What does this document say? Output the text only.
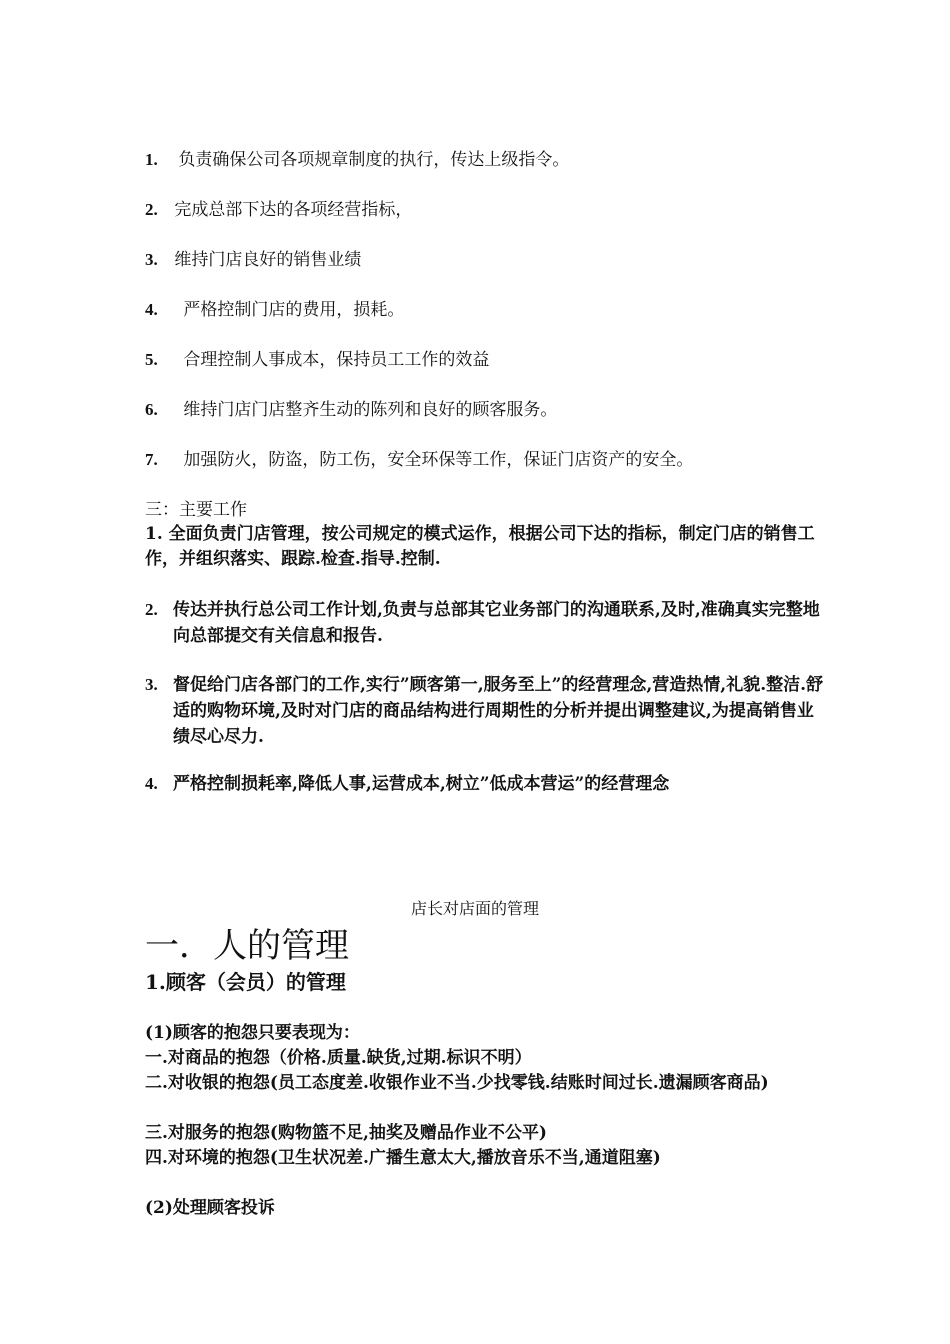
1. 负责确保公司各项规章制度的执行，传达上级指令。
2. 完成总部下达的各项经营指标，
3. 维持门店良好的销售业绩
4. 严格控制门店的费用，损耗。
5. 合理控制人事成本，保持员工工作的效益
6. 维持门店门店整齐生动的陈列和良好的顾客服务。
7. 加强防火，防盗，防工伤，安全环保等工作，保证门店资产的安全。
三：主要工作
1. 全面负责门店管理，按公司规定的模式运作，根据公司下达的指标，制定门店的销售工作，并组织落实、跟踪.检查.指导.控制.
2. 传达并执行总公司工作计划,负责与总部其它业务部门的沟通联系,及时,准确真实完整地向总部提交有关信息和报告.
3. 督促给门店各部门的工作,实行”顾客第一,服务至上”的经营理念,营造热情,礼貌.整洁.舒适的购物环境,及时对门店的商品结构进行周期性的分析并提出调整建议,为提高销售业绩尽心尽力.
4. 严格控制损耗率,降低人事,运营成本,树立”低成本营运”的经营理念
店长对店面的管理
一．人的管理
1.顾客（会员）的管理
(1)顾客的抱怨只要表现为：
一.对商品的抱怨（价格.质量.缺货,过期.标识不明）
二.对收银的抱怨(员工态度差.收银作业不当.少找零钱.结账时间过长.遗漏顾客商品)
三.对服务的抱怨(购物篮不足,抽奖及赠品作业不公平)
四.对环境的抱怨(卫生状况差.广播生意太大,播放音乐不当,通道阻塞)
(2)处理顾客投诉
